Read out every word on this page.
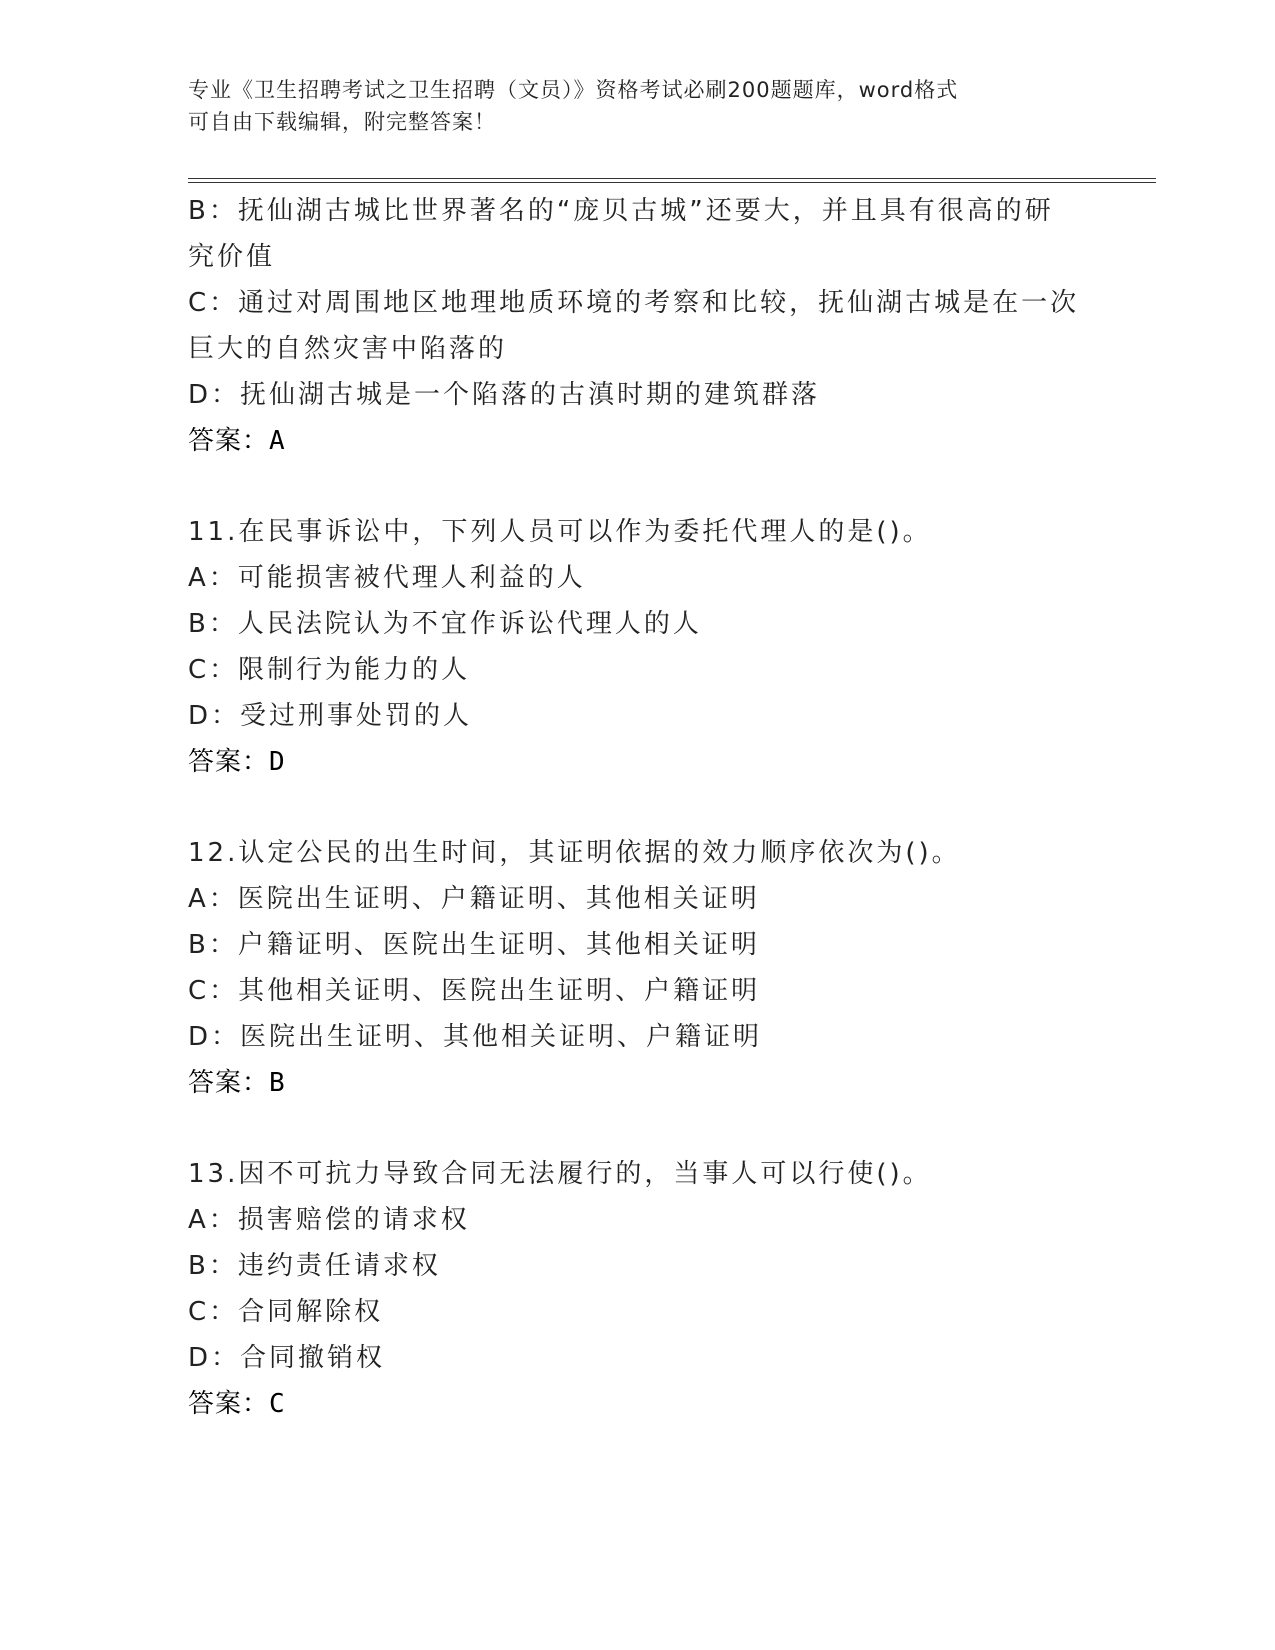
专业《卫生招聘考试之卫生招聘（文员）》资格考试必刷200题题库，word格式
可自由下载编辑，附完整答案！
B：抚仙湖古城比世界著名的“庞贝古城”还要大，并且具有很高的研
究价值
C：通过对周围地区地理地质环境的考察和比较，抚仙湖古城是在一次
巨大的自然灾害中陷落的
D：抚仙湖古城是一个陷落的古滇时期的建筑群落
答案：A
11.在民事诉讼中，下列人员可以作为委托代理人的是()。
A：可能损害被代理人利益的人
B：人民法院认为不宜作诉讼代理人的人
C：限制行为能力的人
D：受过刑事处罚的人
答案：D
12.认定公民的出生时间，其证明依据的效力顺序依次为()。
A：医院出生证明、户籍证明、其他相关证明
B：户籍证明、医院出生证明、其他相关证明
C：其他相关证明、医院出生证明、户籍证明
D：医院出生证明、其他相关证明、户籍证明
答案：B
13.因不可抗力导致合同无法履行的，当事人可以行使()。
A：损害赔偿的请求权
B：违约责任请求权
C：合同解除权
D：合同撤销权
答案：C
